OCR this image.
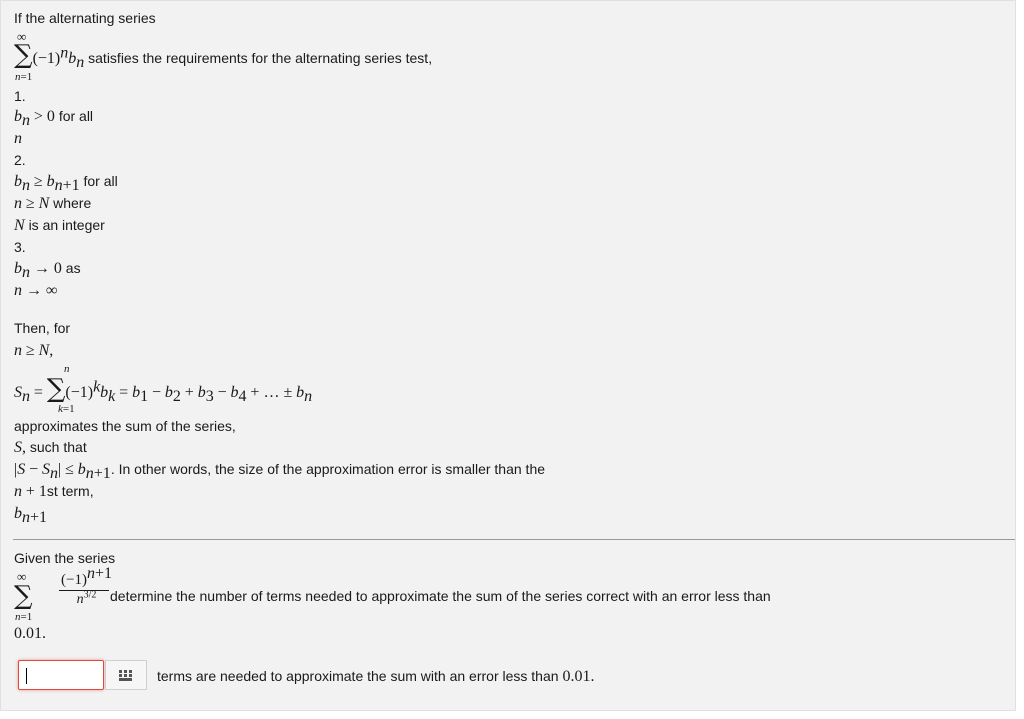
If the alternating series
∞
$\sum(-1)^nb_n$ satisfies the requirements for the alternating series test,
n=1
1.
$b_n > 0$ for all
n
2.
$b_n \ge b_{n+1}$ for all
n ≥ N where
N is an integer
3.
$b_n \to 0$ as
n → ∞
Then, for
n ≥ N,
n
$S_n = \sum(-1)^kb_k = b_1 - b_2 + b_3 - b_4$ + … ± $b_n$
k=1
approximates the sum of the series,
S, such that
$|S - S_n| \le b_{n+1}$. In other words, the size of the approximation error is smaller than the
n + 1st term,
$b_{n+1}$
Given the series
∞
∑
$(-1)^{n+1}$
$n^{3/2}$ determine the number of terms needed to approximate the sum of the series correct with an error less than
n=1
0.01.
terms are needed to approximate the sum with an error less than 0.01.
